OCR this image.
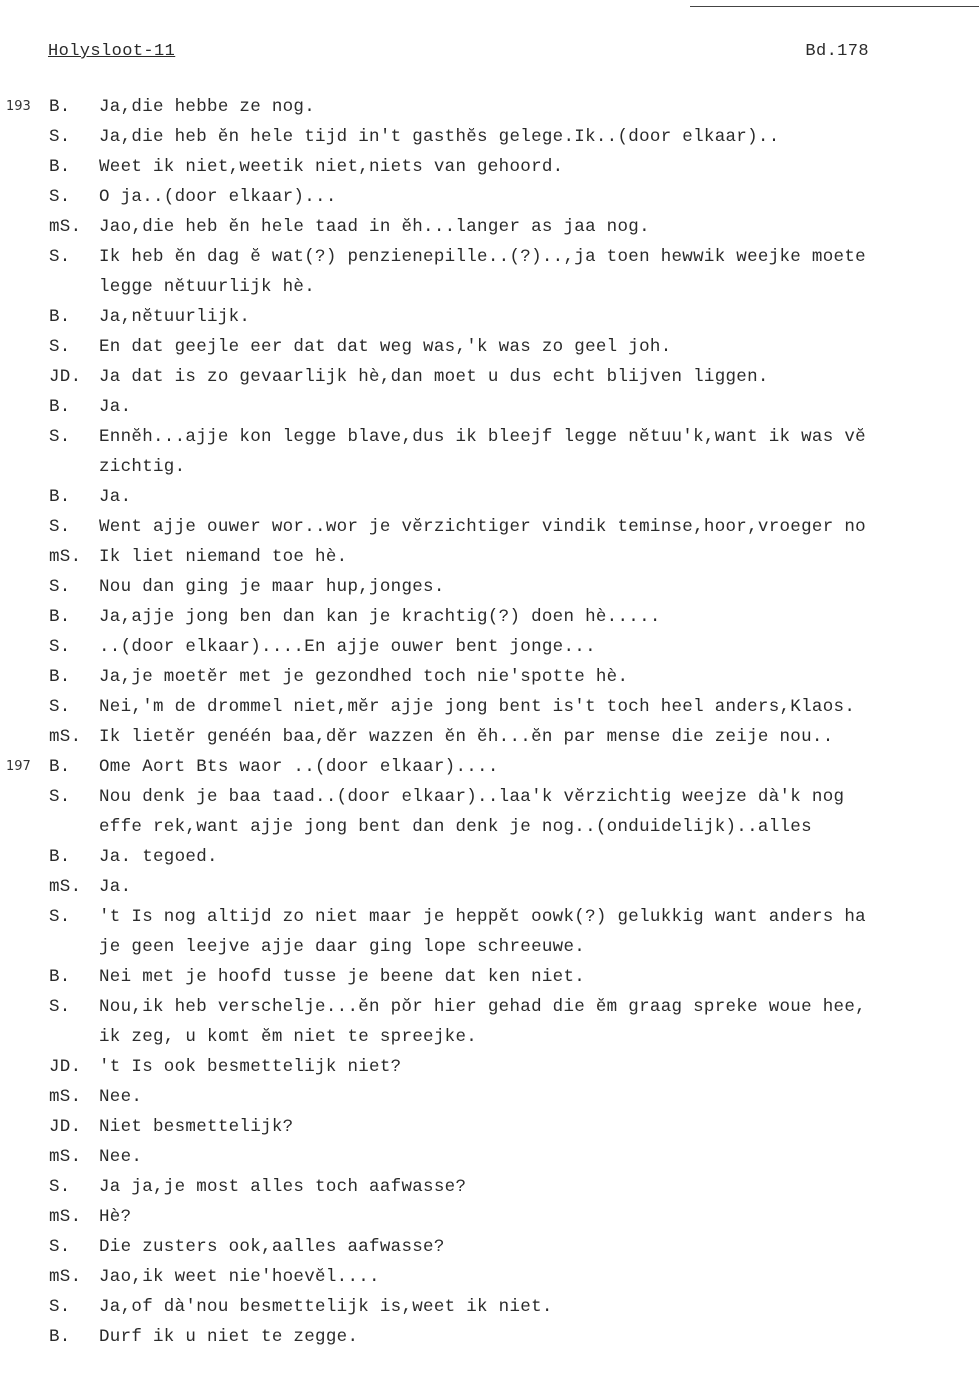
Holysloot-11	Bd.178
193	B.	Ja,die hebbe ze nog.
S.	Ja,die heb ĕn hele tijd in't gasthĕs gelege.Ik..(door elkaar)..
B.	Weet ik niet,weetik niet,niets van gehoord.
S.	O ja..(door elkaar)...
mS.	Jao,die heb ĕn hele taad in ĕh...langer as jaa nog.
S.	Ik heb ĕn dag ĕ wat(?) penzienepille..(?)..,ja toen hewwik weejke moete
legge nĕtuurlijk hè.
B.	Ja,nĕtuurlijk.
S.	En dat geejle eer dat dat weg was,'k was zo geel joh.
JD.	Ja dat is zo gevaarlijk hè,dan moet u dus echt blijven liggen.
B.	Ja.
S.	Ennĕh...ajje kon legge blave,dus ik bleejf legge nĕtuu'k,want ik was vĕ
zichtig.
B.	Ja.
S.	Went ajje ouwer wor..wor je vĕrzichtiger vindik teminse,hoor,vroeger no
mS.	Ik liet niemand toe hè.
S.	Nou dan ging je maar hup,jonges.
B.	Ja,ajje jong ben dan kan je krachtig(?) doen hè.....
S.	..(door elkaar)....En ajje ouwer bent jonge...
B.	Ja,je moetĕr met je gezondhed toch nie'spotte hè.
S.	Nei,'m de drommel niet,mĕr ajje jong bent is't toch heel anders,Klaos.
mS.	Ik lietĕr genéén baa,dĕr wazzen ĕn ĕh...ĕn par mense die zeije nou..
197	B.	Ome Aort Bts waor ..(door elkaar)....
S.	Nou denk je baa taad..(door elkaar)..laa'k vĕrzichtig weejze dà'k nog
effe rek,want ajje jong bent dan denk je nog..(onduidelijk)..alles
B.	Ja. tegoed.
mS.	Ja.
S.	't Is nog altijd zo niet maar je heppĕt oowk(?) gelukkig want anders ha
je geen leejve ajje daar ging lope schreeuwe.
B.	Nei met je hoofd tusse je beene dat ken niet.
S.	Nou,ik heb verschelje...ĕn pŏr hier gehad die ĕm graag spreke woue hee,
ik zeg, u komt ĕm niet te spreejke.
JD.	't Is ook besmettelijk niet?
mS.	Nee.
JD.	Niet besmettelijk?
mS.	Nee.
S.	Ja ja,je most alles toch aafwasse?
mS.	Hè?
S.	Die zusters ook,aalles aafwasse?
mS.	Jao,ik weet nie'hoevĕl....
S.	Ja,of dà'nou besmettelijk is,weet ik niet.
B.	Durf ik u niet te zegge.
